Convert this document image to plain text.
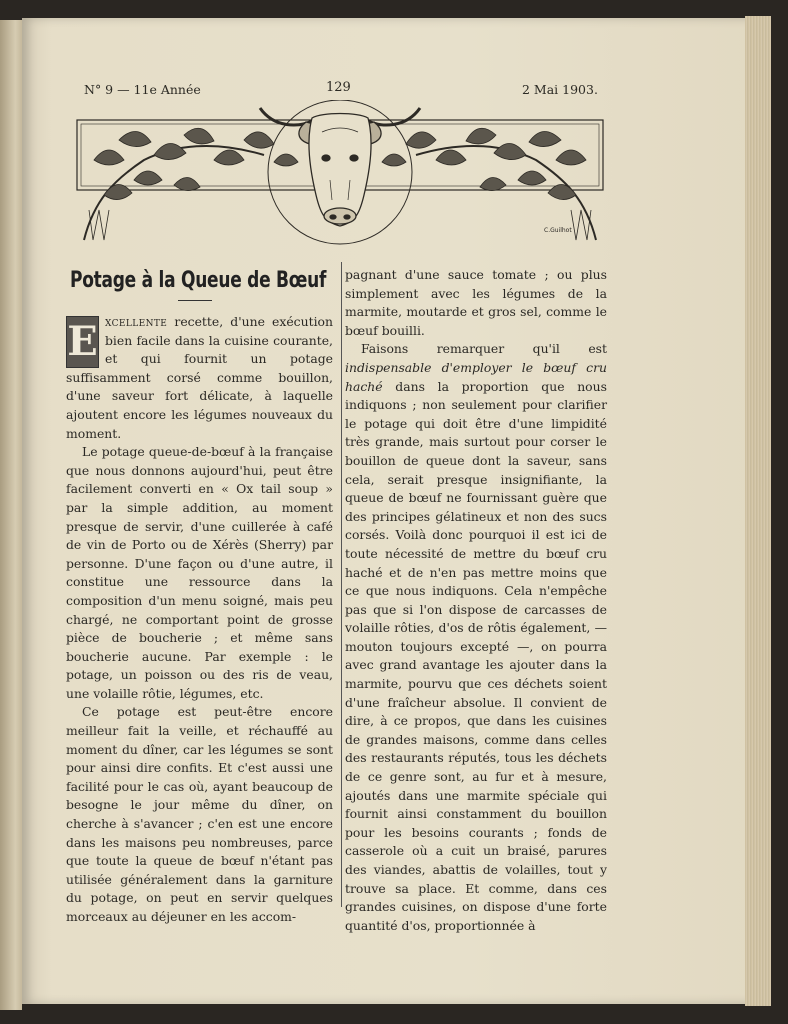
N° 9 — 11e Année	129	2 Mai 1903.
C.Guilhot
Potage à la Queue de Bœuf

E xcellente recette, d'une exécution bien facile dans la cuisine courante, et qui fournit un potage suffisamment corsé comme bouillon, d'une saveur fort délicate, à laquelle ajoutent encore les légumes nouveaux du moment.

Le potage queue-de-bœuf à la française que nous donnons aujourd'hui, peut être facilement converti en « Ox tail soup » par la simple addition, au moment presque de servir, d'une cuillerée à café de vin de Porto ou de Xérès (Sherry) par personne. D'une façon ou d'une autre, il constitue une ressource dans la composition d'un menu soigné, mais peu chargé, ne comportant point de grosse pièce de boucherie ; et même sans boucherie aucune. Par exemple : le potage, un poisson ou des ris de veau, une volaille rôtie, légumes, etc.

Ce potage est peut-être encore meilleur fait la veille, et réchauffé au moment du dîner, car les légumes se sont pour ainsi dire confits. Et c'est aussi une facilité pour le cas où, ayant beaucoup de besogne le jour même du dîner, on cherche à s'avancer ; c'en est une encore dans les maisons peu nombreuses, parce que toute la queue de bœuf n'étant pas utilisée généralement dans la garniture du potage, on peut en servir quelques morceaux au déjeuner en les accom-

pagnant d'une sauce tomate ; ou plus simplement avec les légumes de la marmite, moutarde et gros sel, comme le bœuf bouilli.

Faisons remarquer qu'il est indispensable d'employer le bœuf cru haché dans la proportion que nous indiquons ; non seulement pour clarifier le potage qui doit être d'une limpidité très grande, mais surtout pour corser le bouillon de queue dont la saveur, sans cela, serait presque insignifiante, la queue de bœuf ne fournissant guère que des principes gélatineux et non des sucs corsés. Voilà donc pourquoi il est ici de toute nécessité de mettre du bœuf cru haché et de n'en pas mettre moins que ce que nous indiquons. Cela n'empêche pas que si l'on dispose de carcasses de volaille rôties, d'os de rôtis également, — mouton toujours excepté —, on pourra avec grand avantage les ajouter dans la marmite, pourvu que ces déchets soient d'une fraîcheur absolue. Il convient de dire, à ce propos, que dans les cuisines de grandes maisons, comme dans celles des restaurants réputés, tous les déchets de ce genre sont, au fur et à mesure, ajoutés dans une marmite spéciale qui fournit ainsi constamment du bouillon pour les besoins courants ; fonds de casserole où a cuit un braisé, parures des viandes, abattis de volailles, tout y trouve sa place. Et comme, dans ces grandes cuisines, on dispose d'une forte quantité d'os, proportionnée à
